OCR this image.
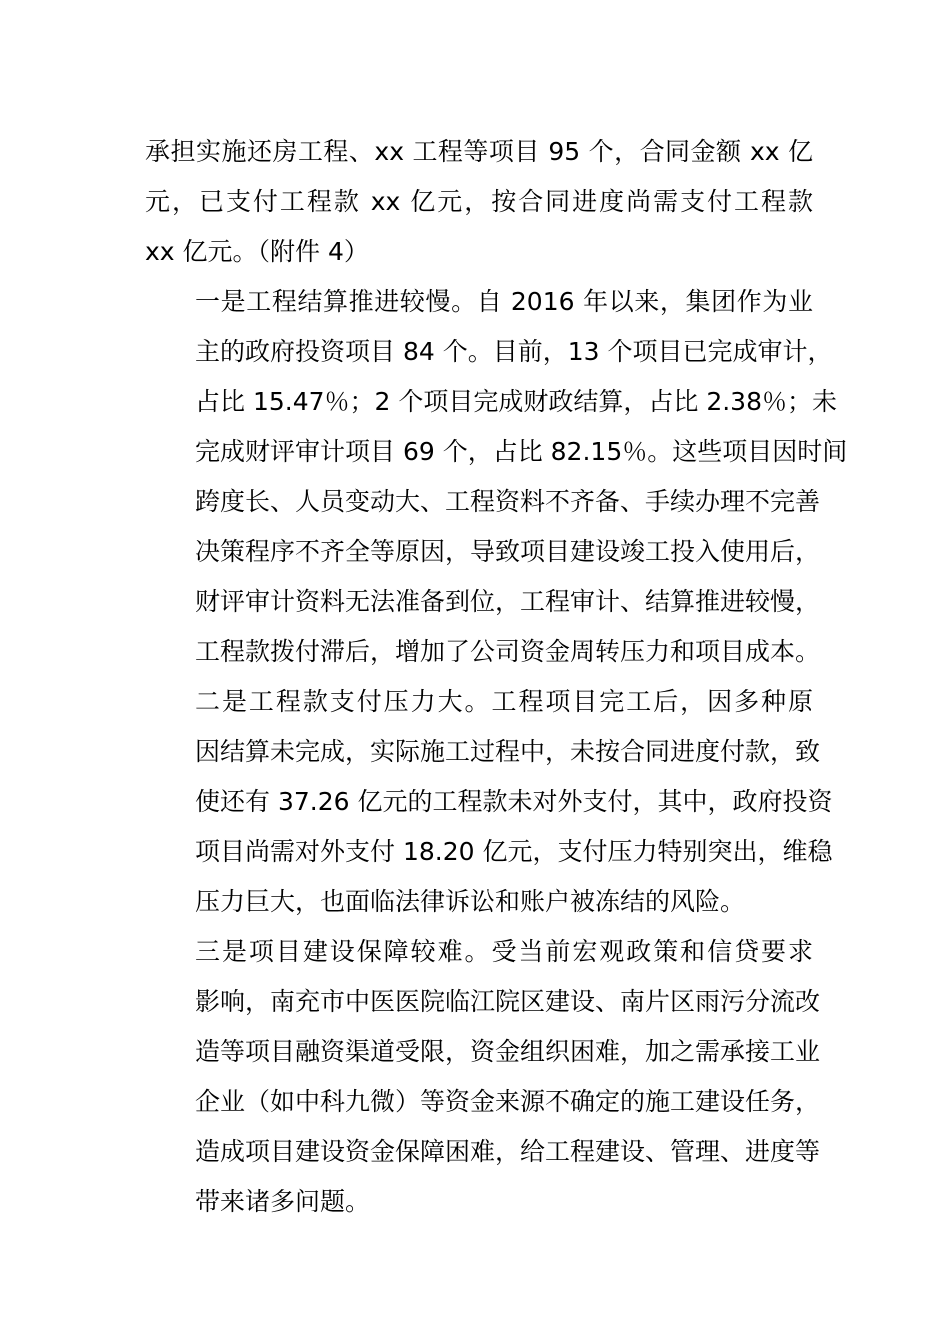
承担实施还房工程、xx 工程等项目 95 个，合同金额 xx 亿
元，已支付工程款 xx 亿元，按合同进度尚需支付工程款
xx 亿元。（附件 4）

一是工程结算推进较慢。自 2016 年以来，集团作为业
主的政府投资项目 84 个。目前，13 个项目已完成审计，
占比 15.47％；2 个项目完成财政结算，占比 2.38％；未
完成财评审计项目 69 个，占比 82.15％。这些项目因时间
跨度长、人员变动大、工程资料不齐备、手续办理不完善
决策程序不齐全等原因，导致项目建设竣工投入使用后，
财评审计资料无法准备到位，工程审计、结算推进较慢，
工程款拨付滞后，增加了公司资金周转压力和项目成本。

二是工程款支付压力大。工程项目完工后，因多种原
因结算未完成，实际施工过程中，未按合同进度付款，致
使还有 37.26 亿元的工程款未对外支付，其中，政府投资
项目尚需对外支付 18.20 亿元，支付压力特别突出，维稳
压力巨大，也面临法律诉讼和账户被冻结的风险。

三是项目建设保障较难。受当前宏观政策和信贷要求
影响，南充市中医医院临江院区建设、南片区雨污分流改
造等项目融资渠道受限，资金组织困难，加之需承接工业
企业（如中科九微）等资金来源不确定的施工建设任务，
造成项目建设资金保障困难，给工程建设、管理、进度等
带来诸多问题。
